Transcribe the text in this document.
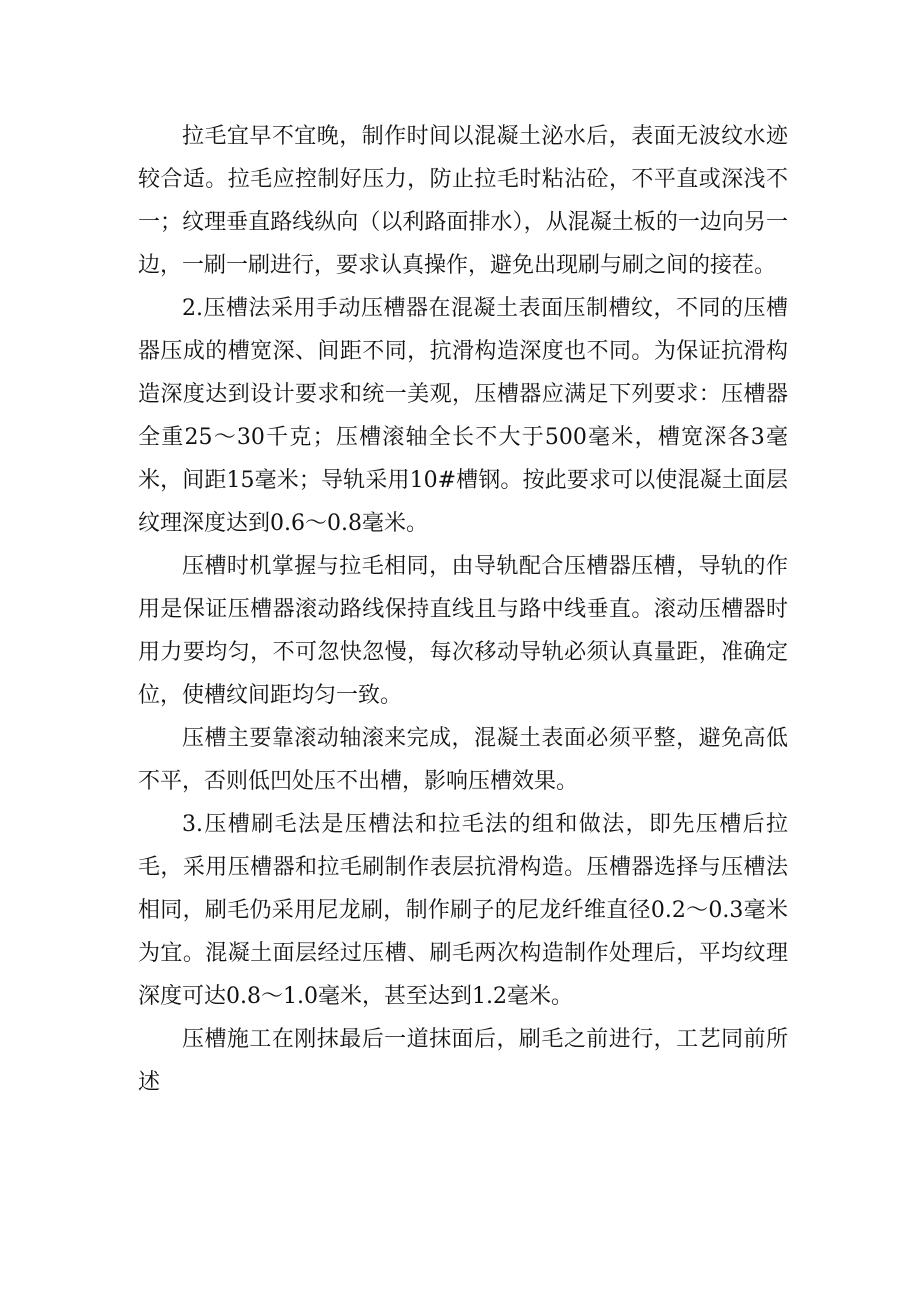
拉毛宜早不宜晚，制作时间以混凝土泌水后，表面无波纹水迹较合适。拉毛应控制好压力，防止拉毛时粘沾砼，不平直或深浅不一；纹理垂直路线纵向（以利路面排水），从混凝土板的一边向另一边，一刷一刷进行，要求认真操作，避免出现刷与刷之间的接茬。

2.压槽法采用手动压槽器在混凝土表面压制槽纹，不同的压槽器压成的槽宽深、间距不同，抗滑构造深度也不同。为保证抗滑构造深度达到设计要求和统一美观，压槽器应满足下列要求：压槽器全重25～30千克；压槽滚轴全长不大于500毫米，槽宽深各3毫米，间距15毫米；导轨采用10#槽钢。按此要求可以使混凝土面层纹理深度达到0.6～0.8毫米。

压槽时机掌握与拉毛相同，由导轨配合压槽器压槽，导轨的作用是保证压槽器滚动路线保持直线且与路中线垂直。滚动压槽器时用力要均匀，不可忽快忽慢，每次移动导轨必须认真量距，准确定位，使槽纹间距均匀一致。

压槽主要靠滚动轴滚来完成，混凝土表面必须平整，避免高低不平，否则低凹处压不出槽，影响压槽效果。

3.压槽刷毛法是压槽法和拉毛法的组和做法，即先压槽后拉毛，采用压槽器和拉毛刷制作表层抗滑构造。压槽器选择与压槽法相同，刷毛仍采用尼龙刷，制作刷子的尼龙纤维直径0.2～0.3毫米为宜。混凝土面层经过压槽、刷毛两次构造制作处理后，平均纹理深度可达0.8～1.0毫米，甚至达到1.2毫米。

压槽施工在刚抹最后一道抹面后，刷毛之前进行，工艺同前所述
